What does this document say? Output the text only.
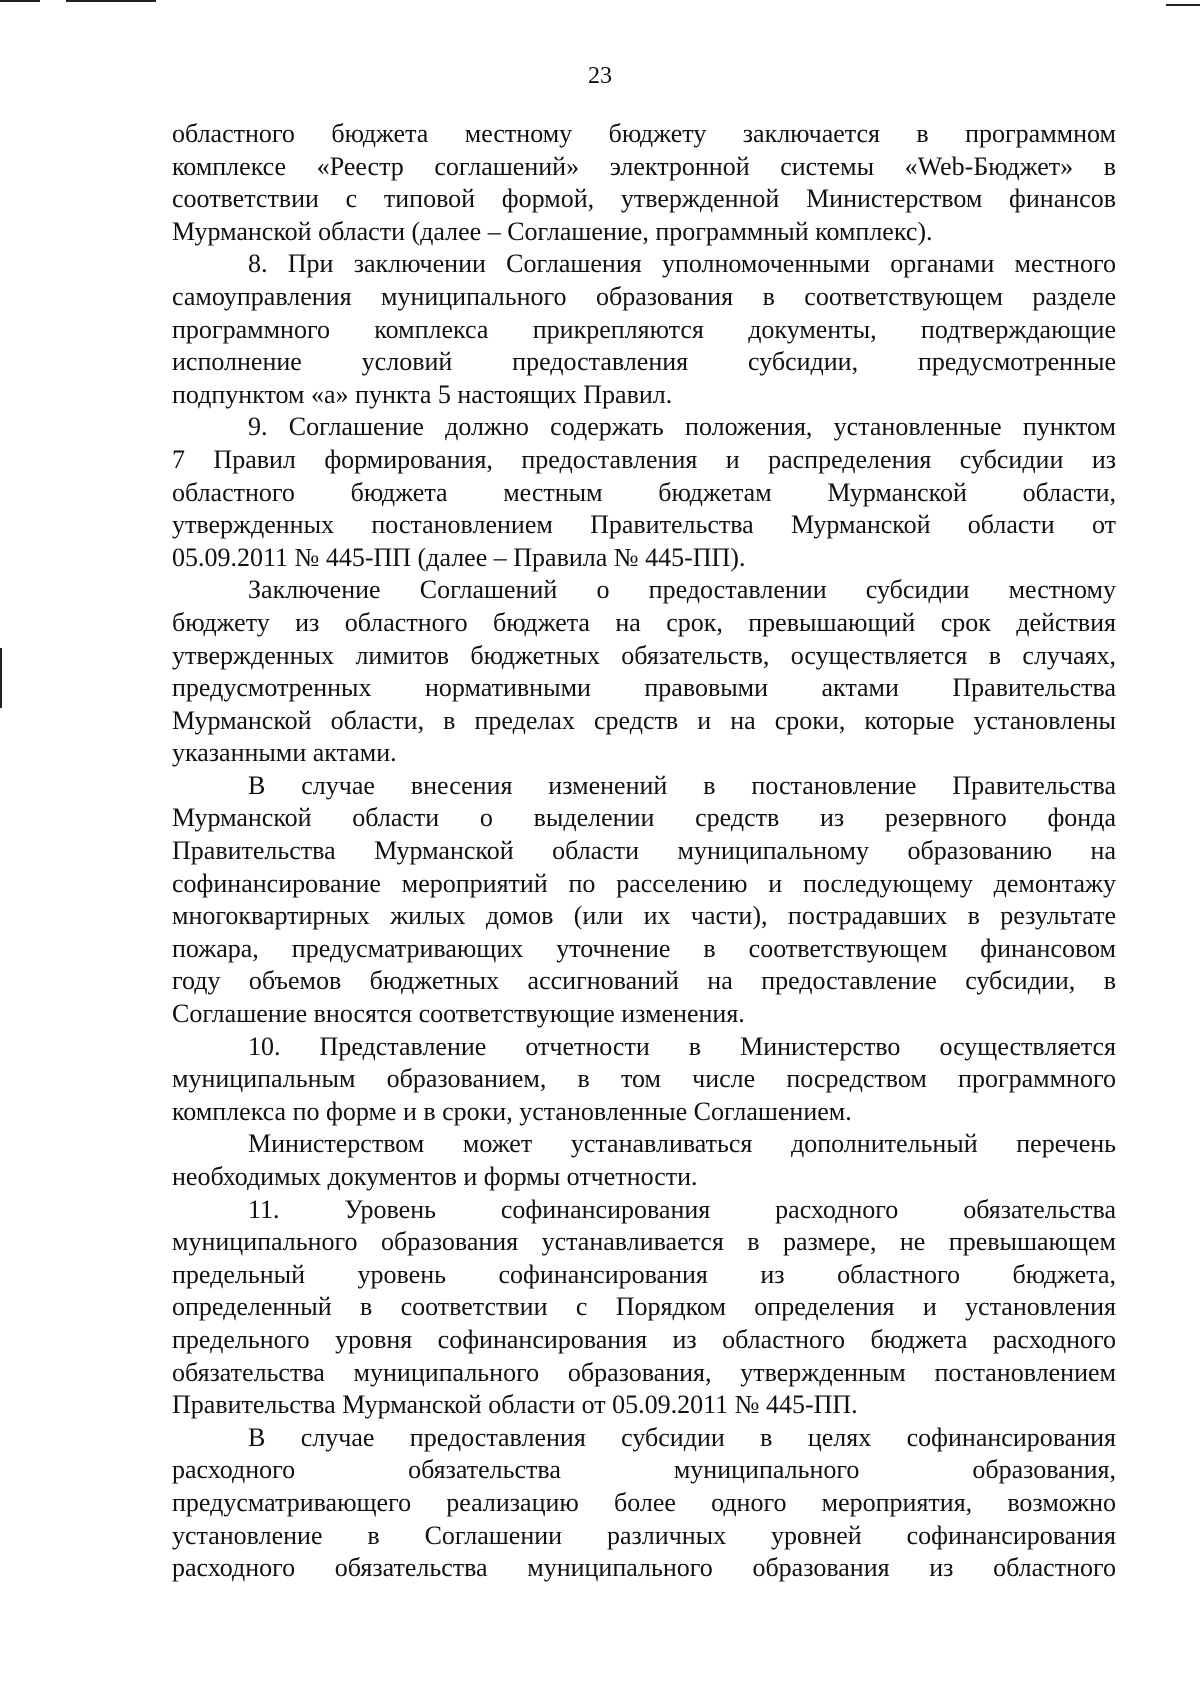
23
областного бюджета местному бюджету заключается в программном
комплексе «Реестр соглашений» электронной системы «Web-Бюджет» в
соответствии с типовой формой, утвержденной Министерством финансов
Мурманской области (далее – Соглашение, программный комплекс).
8. При заключении Соглашения уполномоченными органами местного
самоуправления муниципального образования в соответствующем разделе
программного комплекса прикрепляются документы, подтверждающие
исполнение условий предоставления субсидии, предусмотренные
подпунктом «а» пункта 5 настоящих Правил.
9. Соглашение должно содержать положения, установленные пунктом
7 Правил формирования, предоставления и распределения субсидии из
областного бюджета местным бюджетам Мурманской области,
утвержденных постановлением Правительства Мурманской области от
05.09.2011 № 445-ПП (далее – Правила № 445-ПП).
Заключение Соглашений о предоставлении субсидии местному
бюджету из областного бюджета на срок, превышающий срок действия
утвержденных лимитов бюджетных обязательств, осуществляется в случаях,
предусмотренных нормативными правовыми актами Правительства
Мурманской области, в пределах средств и на сроки, которые установлены
указанными актами.
В случае внесения изменений в постановление Правительства
Мурманской области о выделении средств из резервного фонда
Правительства Мурманской области муниципальному образованию на
софинансирование мероприятий по расселению и последующему демонтажу
многоквартирных жилых домов (или их части), пострадавших в результате
пожара, предусматривающих уточнение в соответствующем финансовом
году объемов бюджетных ассигнований на предоставление субсидии, в
Соглашение вносятся соответствующие изменения.
10. Представление отчетности в Министерство осуществляется
муниципальным образованием, в том числе посредством программного
комплекса по форме и в сроки, установленные Соглашением.
Министерством может устанавливаться дополнительный перечень
необходимых документов и формы отчетности.
11. Уровень софинансирования расходного обязательства
муниципального образования устанавливается в размере, не превышающем
предельный уровень софинансирования из областного бюджета,
определенный в соответствии с Порядком определения и установления
предельного уровня софинансирования из областного бюджета расходного
обязательства муниципального образования, утвержденным постановлением
Правительства Мурманской области от 05.09.2011 № 445-ПП.
В случае предоставления субсидии в целях софинансирования
расходного обязательства муниципального образования,
предусматривающего реализацию более одного мероприятия, возможно
установление в Соглашении различных уровней софинансирования
расходного обязательства муниципального образования из областного
